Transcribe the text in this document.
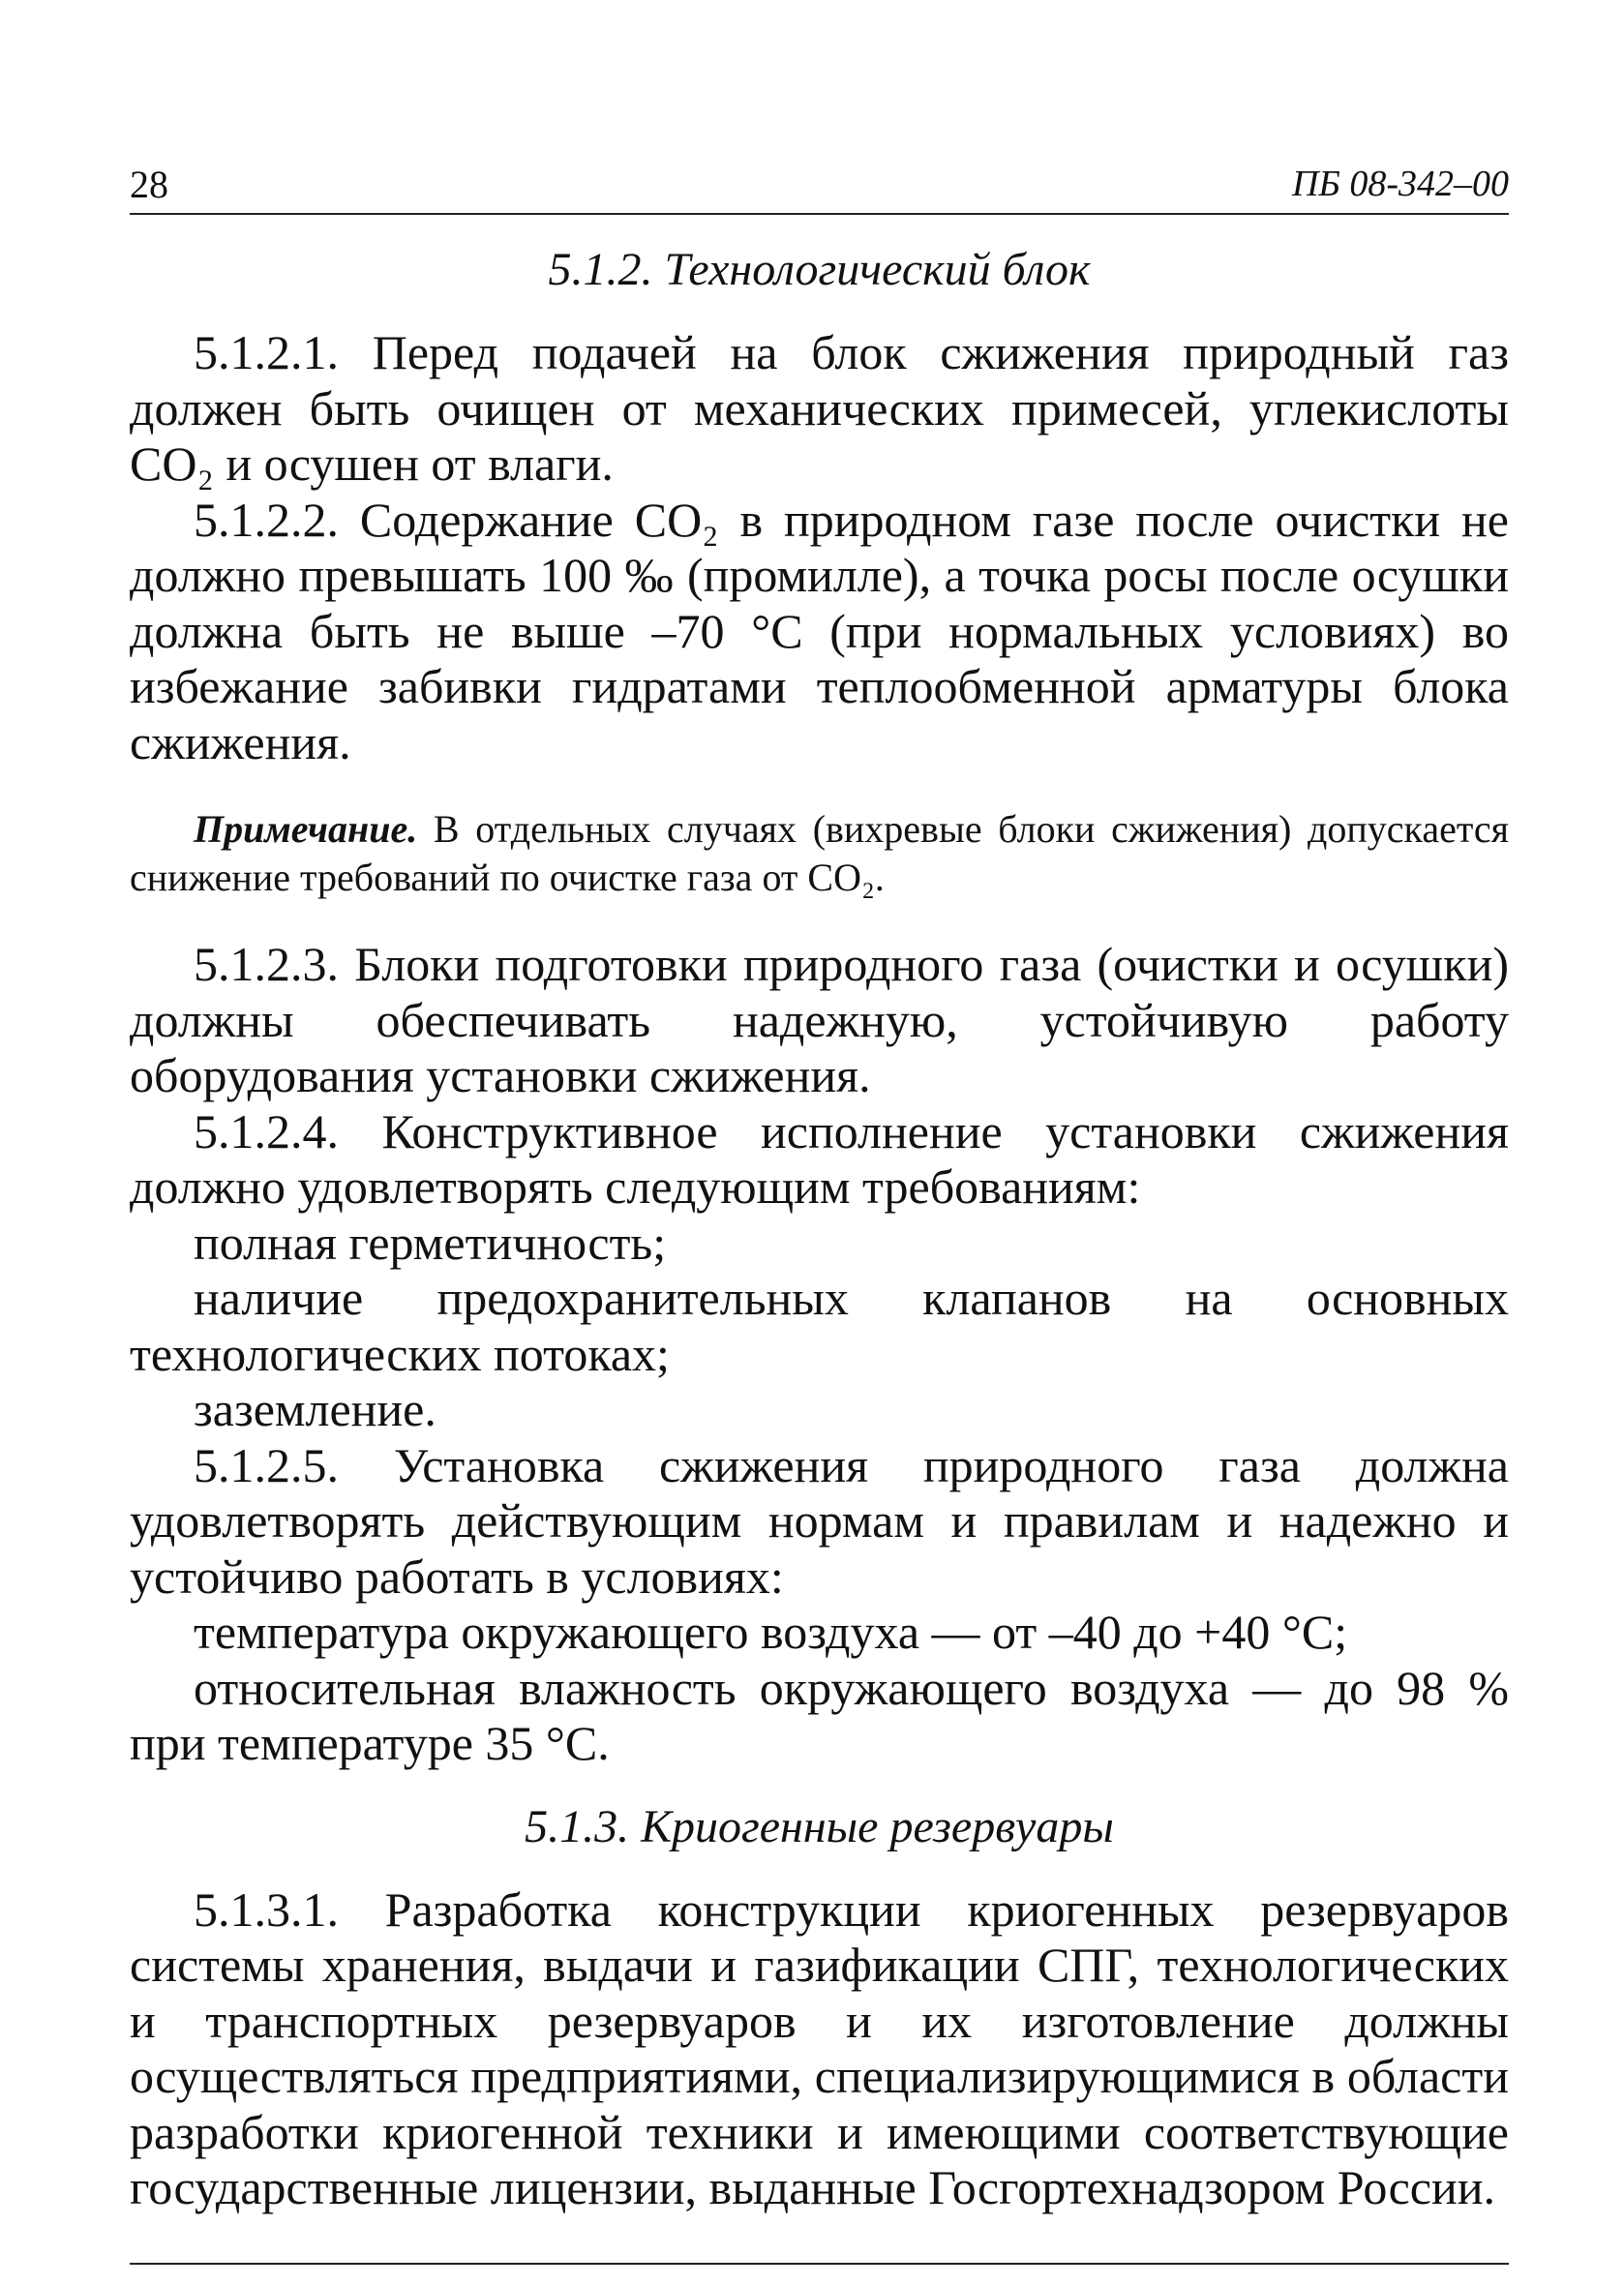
28	ПБ 08-342–00
5.1.2. Технологический блок

5.1.2.1. Перед подачей на блок сжижения природный газ должен быть очищен от механических примесей, углекислоты CO₂ и осушен от влаги.

5.1.2.2. Содержание CO₂ в природном газе после очистки не должно превышать 100 ‰ (промилле), а точка росы после осушки должна быть не выше –70 °C (при нормальных условиях) во избежание забивки гидратами теплообменной арматуры блока сжижения.

Примечание. В отдельных случаях (вихревые блоки сжижения) допускается снижение требований по очистке газа от CO₂.

5.1.2.3. Блоки подготовки природного газа (очистки и осушки) должны обеспечивать надежную, устойчивую работу оборудования установки сжижения.

5.1.2.4. Конструктивное исполнение установки сжижения должно удовлетворять следующим требованиям:

полная герметичность;

наличие предохранительных клапанов на основных технологических потоках;

заземление.

5.1.2.5. Установка сжижения природного газа должна удовлетворять действующим нормам и правилам и надежно и устойчиво работать в условиях:

температура окружающего воздуха — от –40 до +40 °C;

относительная влажность окружающего воздуха — до 98 % при температуре 35 °C.

5.1.3. Криогенные резервуары

5.1.3.1. Разработка конструкции криогенных резервуаров системы хранения, выдачи и газификации СПГ, технологических и транспортных резервуаров и их изготовление должны осуществляться предприятиями, специализирующимися в области разработки криогенной техники и имеющими соответствующие государственные лицензии, выданные Госгортехнадзором России.
